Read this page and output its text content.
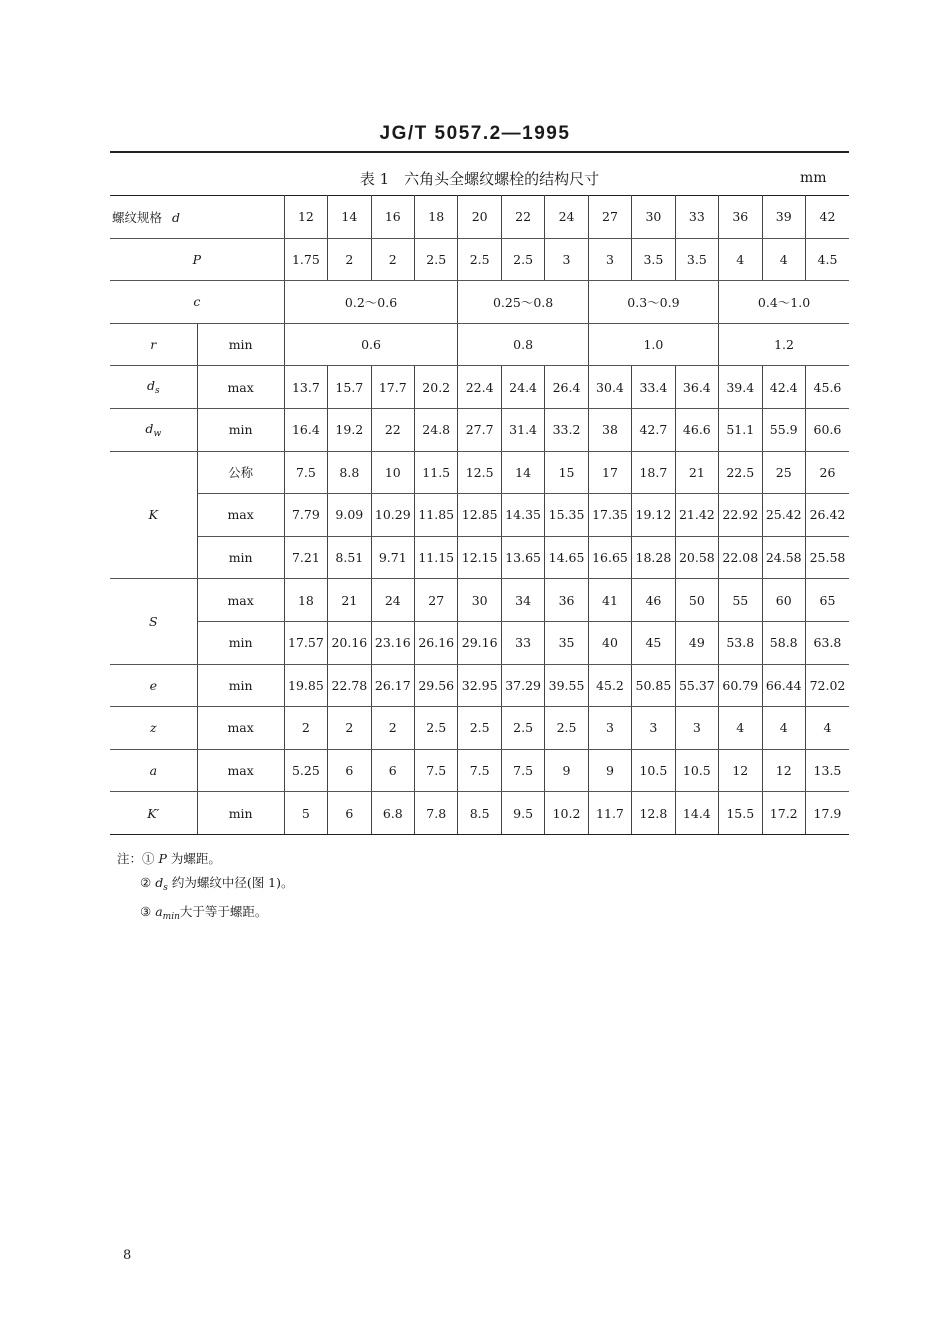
JG/T 5057.2—1995
表 1　六角头全螺纹螺栓的结构尺寸	mm
螺纹规格 d		12	14	16	18	20	22	24	27	30	33	36	39	42
P		1.75	2	2	2.5	2.5	2.5	3	3	3.5	3.5	4	4	4.5
c		0.2～0.6				0.25～0.8			0.3～0.9			0.4～1.0		
r	min	0.6				0.8			1.0			1.2		
$d_s$	max	13.7	15.7	17.7	20.2	22.4	24.4	26.4	30.4	33.4	36.4	39.4	42.4	45.6
$d_w$	min	16.4	19.2	22	24.8	27.7	31.4	33.2	38	42.7	46.6	51.1	55.9	60.6
K	公称	7.5	8.8	10	11.5	12.5	14	15	17	18.7	21	22.5	25	26
	max	7.79	9.09	10.29	11.85	12.85	14.35	15.35	17.35	19.12	21.42	22.92	25.42	26.42
	min	7.21	8.51	9.71	11.15	12.15	13.65	14.65	16.65	18.28	20.58	22.08	24.58	25.58
S	max	18	21	24	27	30	34	36	41	46	50	55	60	65
	min	17.57	20.16	23.16	26.16	29.16	33	35	40	45	49	53.8	58.8	63.8
e	min	19.85	22.78	26.17	29.56	32.95	37.29	39.55	45.2	50.85	55.37	60.79	66.44	72.02
z	max	2	2	2	2.5	2.5	2.5	2.5	3	3	3	4	4	4
a	max	5.25	6	6	7.5	7.5	7.5	9	9	10.5	10.5	12	12	13.5
K′	min	5	6	6.8	7.8	8.5	9.5	10.2	11.7	12.8	14.4	15.5	17.2	17.9
注：① P 为螺距。
② $d_s$ 约为螺纹中径(图 1)。
③ $a_{min}$大于等于螺距。
8
